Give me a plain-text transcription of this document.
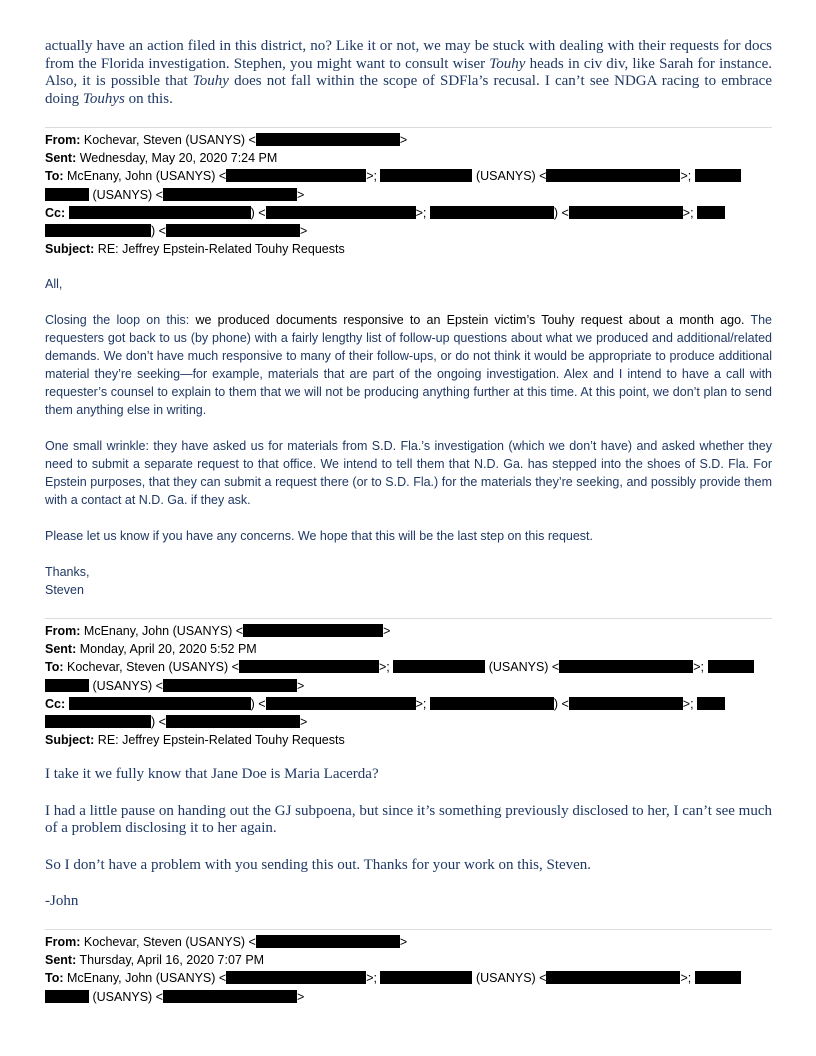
actually have an action filed in this district, no? Like it or not, we may be stuck with dealing with their requests for docs from the Florida investigation. Stephen, you might want to consult wiser Touhy heads in civ div, like Sarah for instance. Also, it is possible that Touhy does not fall within the scope of SDFla’s recusal. I can’t see NDGA racing to embrace doing Touhys on this.
From: Kochevar, Steven (USANYS) <	>
Sent: Wednesday, May 20, 2020 7:24 PM
To: McEnany, John (USANYS) <	>;	(USANYS) <	>;
(USANYS) <	>
Cc:	) <	>;	) <	>;
) <	>
Subject: RE: Jeffrey Epstein-Related Touhy Requests

All,

Closing the loop on this: we produced documents responsive to an Epstein victim’s Touhy request about a month ago. The requesters got back to us (by phone) with a fairly lengthy list of follow-up questions about what we produced and additional/related demands. We don’t have much responsive to many of their follow-ups, or do not think it would be appropriate to produce additional material they’re seeking—for example, materials that are part of the ongoing investigation. Alex and I intend to have a call with requester’s counsel to explain to them that we will not be producing anything further at this time. At this point, we don’t plan to send them anything else in writing.

One small wrinkle: they have asked us for materials from S.D. Fla.’s investigation (which we don’t have) and asked whether they need to submit a separate request to that office. We intend to tell them that N.D. Ga. has stepped into the shoes of S.D. Fla. For Epstein purposes, that they can submit a request there (or to S.D. Fla.) for the materials they’re seeking, and possibly provide them with a contact at N.D. Ga. if they ask.

Please let us know if you have any concerns. We hope that this will be the last step on this request.

Thanks,

Steven

From: McEnany, John (USANYS) <	>
Sent: Monday, April 20, 2020 5:52 PM
To: Kochevar, Steven (USANYS) <	>;	(USANYS) <	>;
(USANYS) <	>
Cc:	) <	>;	) <	>;
) <	>
Subject: RE: Jeffrey Epstein-Related Touhy Requests

I take it we fully know that Jane Doe is Maria Lacerda?

I had a little pause on handing out the GJ subpoena, but since it’s something previously disclosed to her, I can’t see much of a problem disclosing it to her again.

So I don’t have a problem with you sending this out. Thanks for your work on this, Steven.

-John

From: Kochevar, Steven (USANYS) <	>
Sent: Thursday, April 16, 2020 7:07 PM
To: McEnany, John (USANYS) <	>;	(USANYS) <	>;
(USANYS) <	>
